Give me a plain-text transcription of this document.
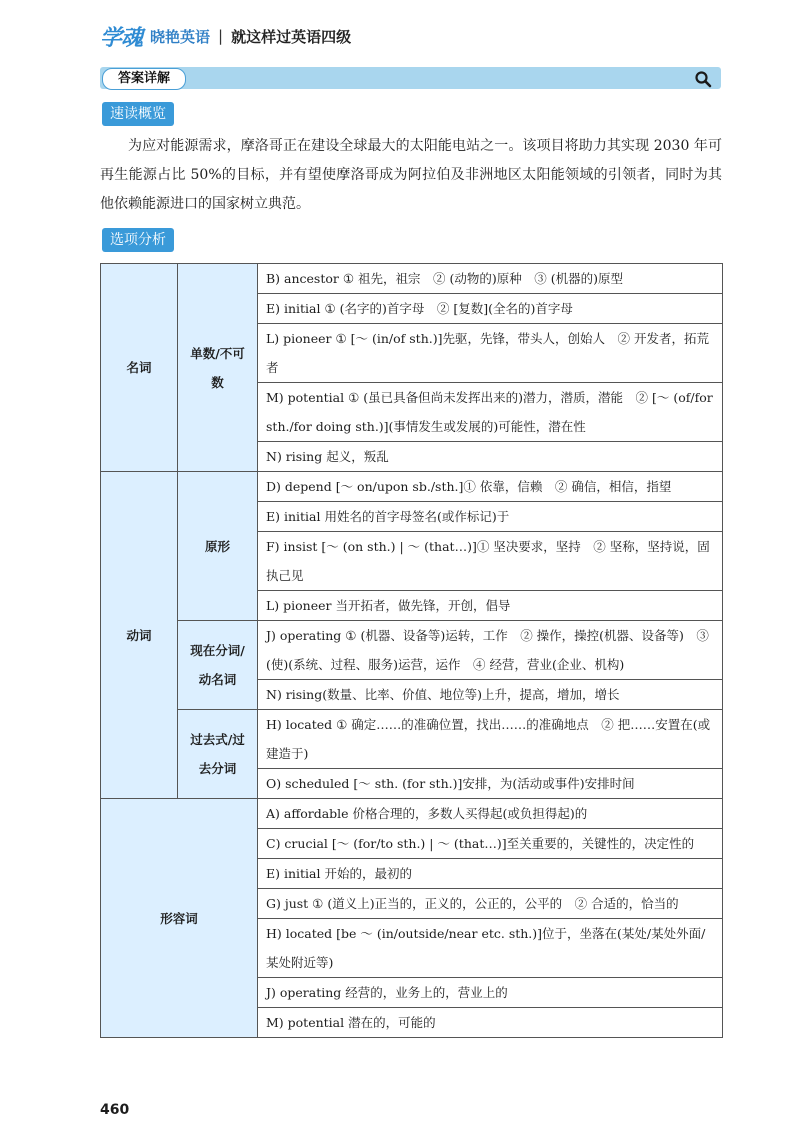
学魂 晓艳英语 | 就这样过英语四级
答案详解
速读概览
为应对能源需求，摩洛哥正在建设全球最大的太阳能电站之一。该项目将助力其实现 2030 年可再生能源占比 50%的目标，并有望使摩洛哥成为阿拉伯及非洲地区太阳能领域的引领者，同时为其他依赖能源进口的国家树立典范。
选项分析
名词	单数/不可数	B) ancestor ① 祖先，祖宗　② (动物的)原种　③ (机器的)原型
		E) initial ① (名字的)首字母　② [复数](全名的)首字母
		L) pioneer ① [～ (in/of sth.)]先驱，先锋，带头人，创始人　② 开发者，拓荒者
		M) potential ① (虽已具备但尚未发挥出来的)潜力，潜质，潜能　② [～ (of/for sth./for doing sth.)](事情发生或发展的)可能性，潜在性
		N) rising 起义，叛乱
动词	原形	D) depend [～ on/upon sb./sth.]① 依靠，信赖　② 确信，相信，指望
		E) initial 用姓名的首字母签名(或作标记)于
		F) insist [～ (on sth.) | ～ (that…)]① 坚决要求，坚持　② 坚称，坚持说，固执己见
		L) pioneer 当开拓者，做先锋，开创，倡导
	现在分词/动名词	J) operating ① (机器、设备等)运转，工作　② 操作，操控(机器、设备等)　③ (使)(系统、过程、服务)运营，运作　④ 经营，营业(企业、机构)
		N) rising(数量、比率、价值、地位等)上升，提高，增加，增长
	过去式/过去分词	H) located ① 确定……的准确位置，找出……的准确地点　② 把……安置在(或建造于)
		O) scheduled [～ sth. (for sth.)]安排，为(活动或事件)安排时间
形容词		A) affordable 价格合理的，多数人买得起(或负担得起)的
		C) crucial [～ (for/to sth.) | ～ (that…)]至关重要的，关键性的，决定性的
		E) initial 开始的，最初的
		G) just ① (道义上)正当的，正义的，公正的，公平的　② 合适的，恰当的
		H) located [be ～ (in/outside/near etc. sth.)]位于，坐落在(某处/某处外面/某处附近等)
		J) operating 经营的，业务上的，营业上的
		M) potential 潜在的，可能的
460
